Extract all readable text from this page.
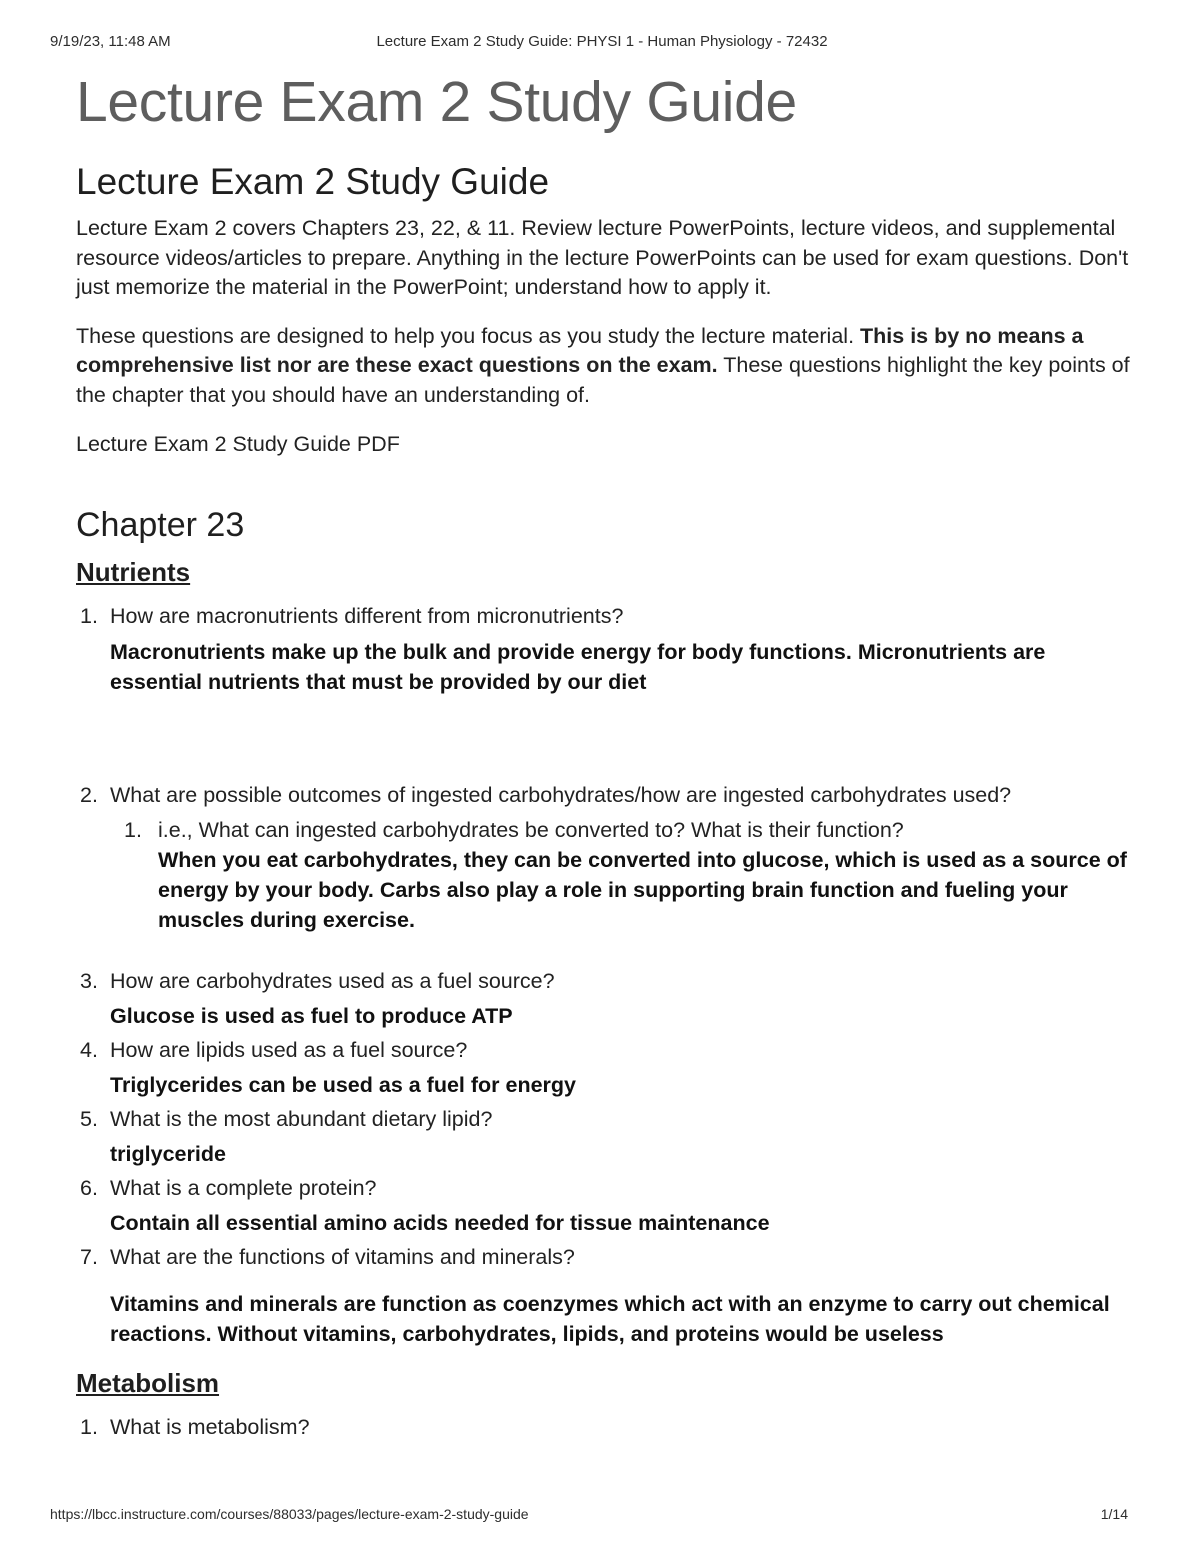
9/19/23, 11:48 AM	Lecture Exam 2 Study Guide: PHYSI 1 - Human Physiology - 72432
Lecture Exam 2 Study Guide
Lecture Exam 2 Study Guide

Lecture Exam 2 covers Chapters 23, 22, & 11. Review lecture PowerPoints, lecture videos, and supplemental resource videos/articles to prepare. Anything in the lecture PowerPoints can be used for exam questions. Don't just memorize the material in the PowerPoint; understand how to apply it.

These questions are designed to help you focus as you study the lecture material. This is by no means a comprehensive list nor are these exact questions on the exam. These questions highlight the key points of the chapter that you should have an understanding of.

Lecture Exam 2 Study Guide PDF

Chapter 23
Nutrients
1. How are macronutrients different from micronutrients?
Macronutrients make up the bulk and provide energy for body functions. Micronutrients are essential nutrients that must be provided by our diet
2. What are possible outcomes of ingested carbohydrates/how are ingested carbohydrates used?
1. i.e., What can ingested carbohydrates be converted to? What is their function?
When you eat carbohydrates, they can be converted into glucose, which is used as a source of energy by your body. Carbs also play a role in supporting brain function and fueling your muscles during exercise.
3. How are carbohydrates used as a fuel source?
Glucose is used as fuel to produce ATP
4. How are lipids used as a fuel source?
Triglycerides can be used as a fuel for energy
5. What is the most abundant dietary lipid?
triglyceride
6. What is a complete protein?
Contain all essential amino acids needed for tissue maintenance
7. What are the functions of vitamins and minerals?
Vitamins and minerals are function as coenzymes which act with an enzyme to carry out chemical reactions. Without vitamins, carbohydrates, lipids, and proteins would be useless
Metabolism
1. What is metabolism?
https://lbcc.instructure.com/courses/88033/pages/lecture-exam-2-study-guide	1/14
